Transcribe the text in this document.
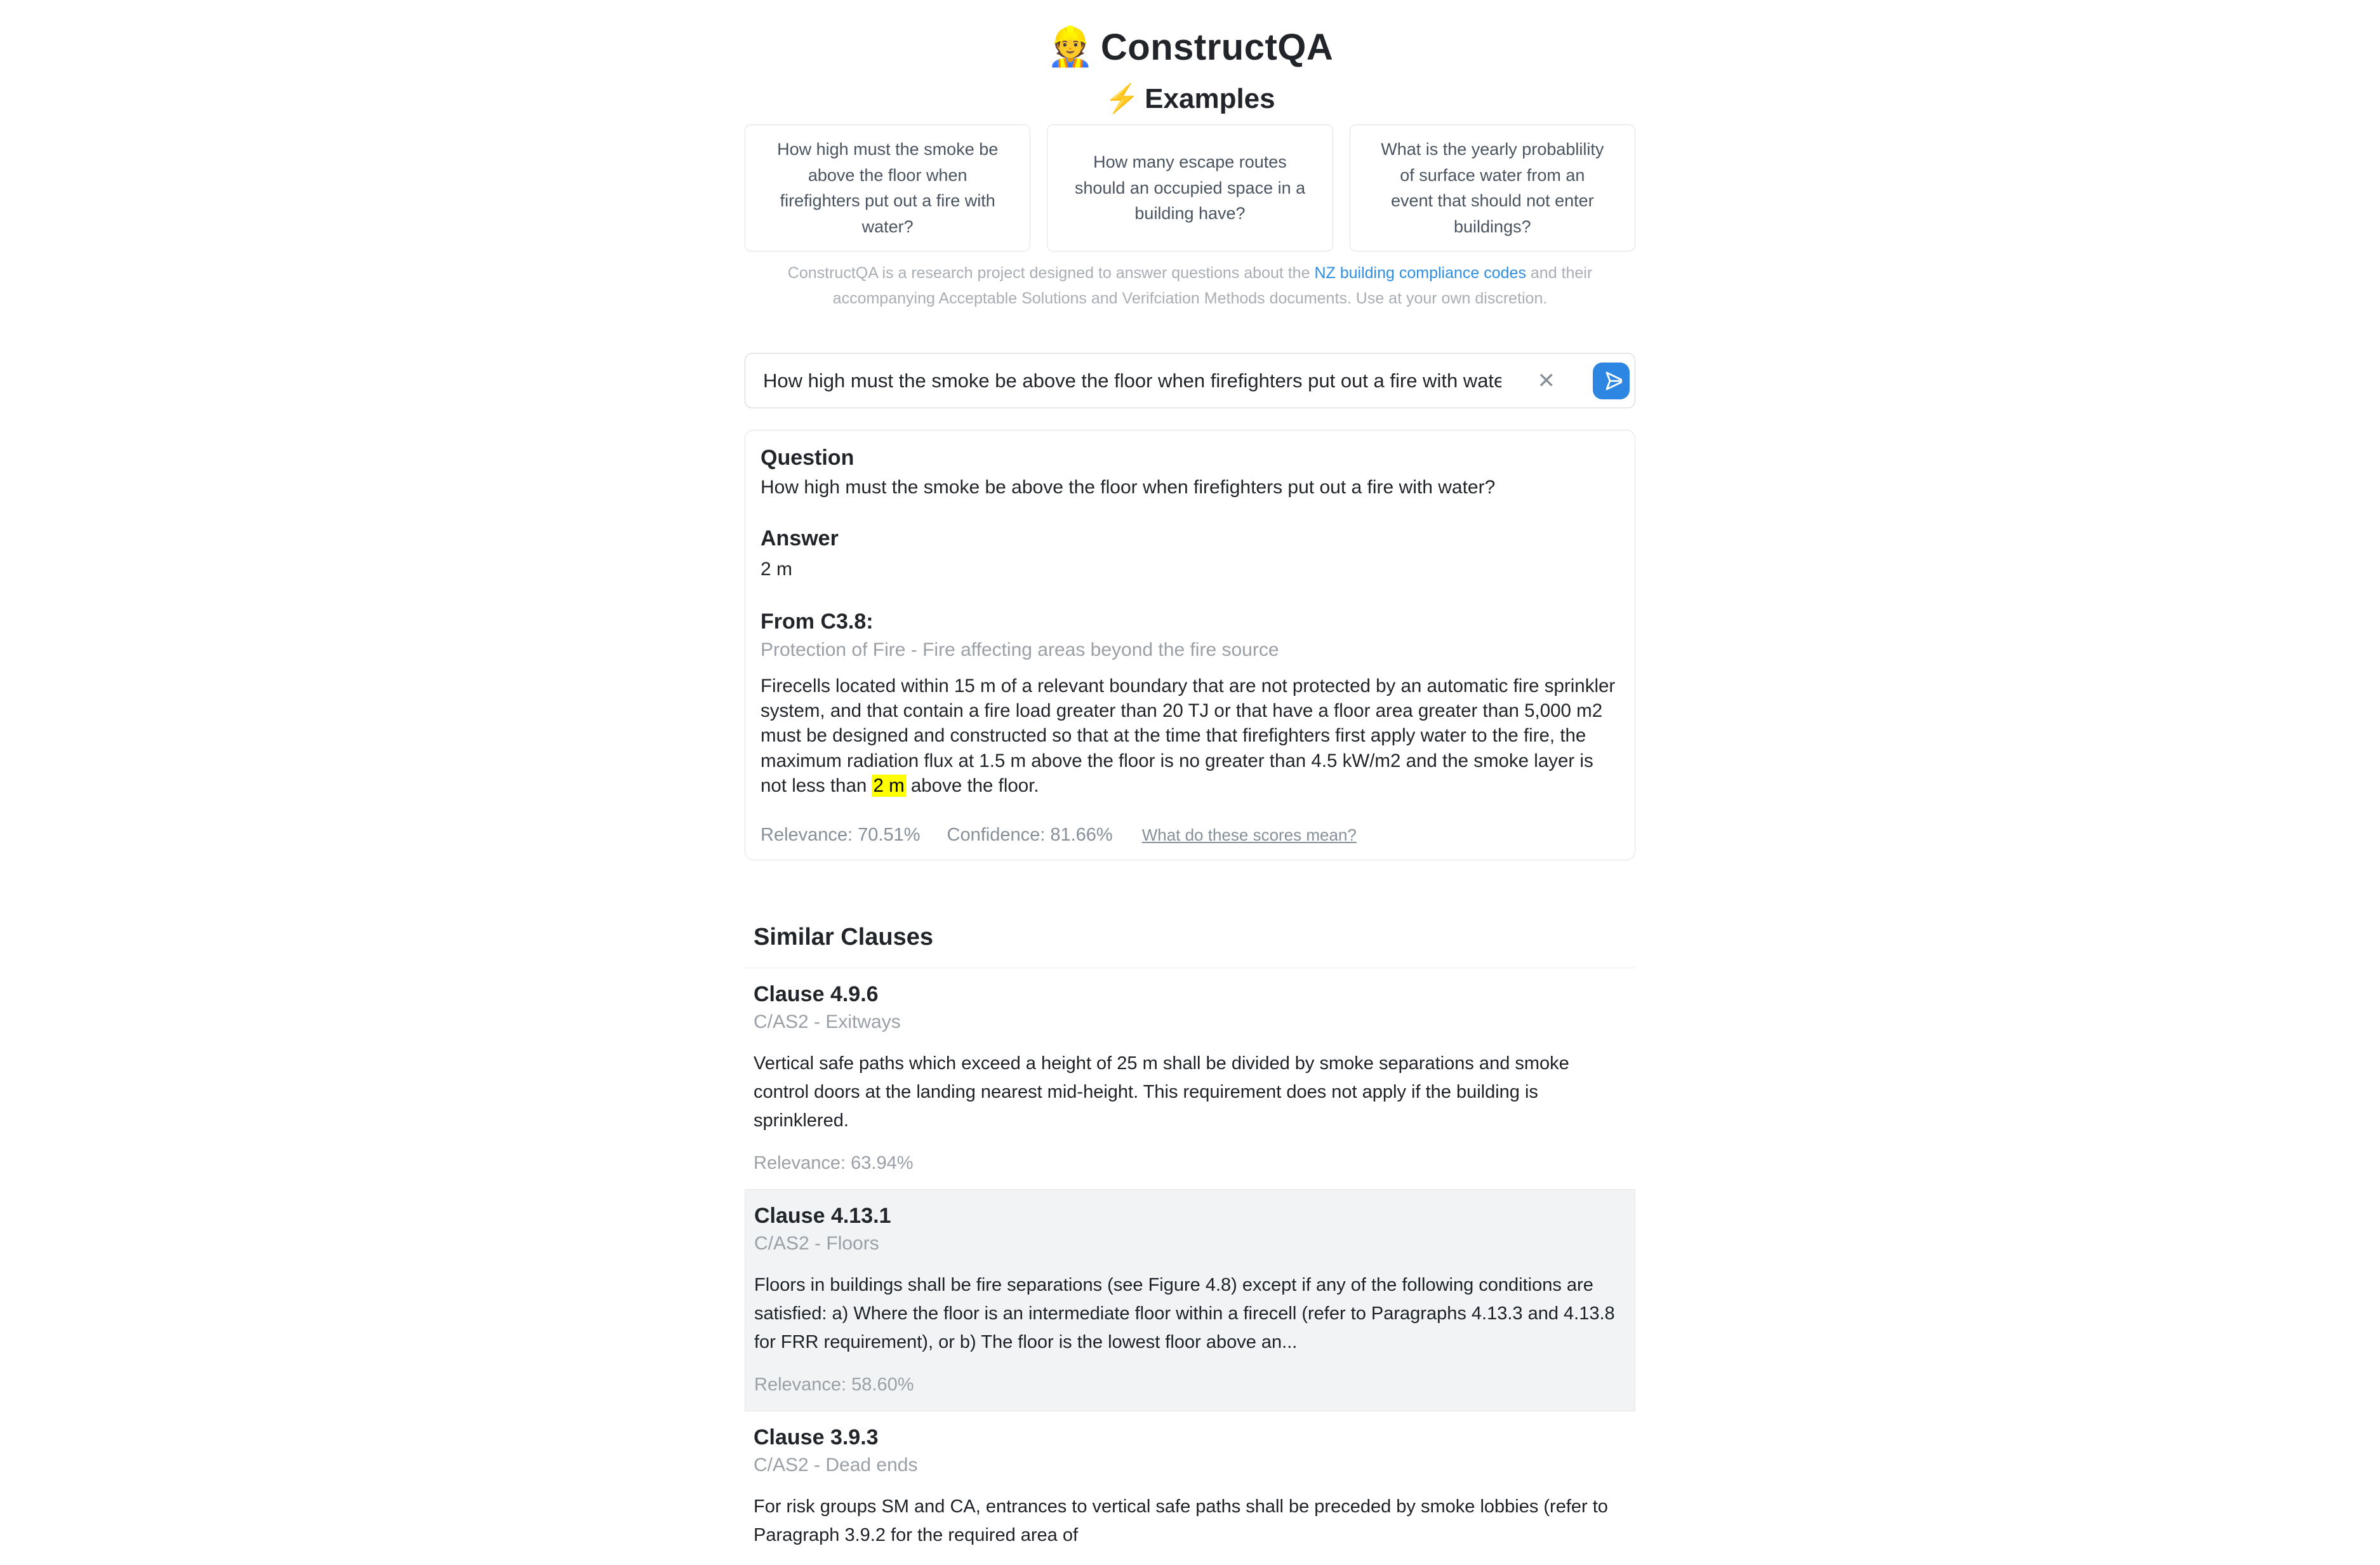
👷 ConstructQA
⚡ Examples
How high must the smoke be above the floor when firefighters put out a fire with water?
How many escape routes should an occupied space in a building have?
What is the yearly probablility of surface water from an event that should not enter buildings?

ConstructQA is a research project designed to answer questions about the NZ building compliance codes and their accompanying Acceptable Solutions and Verifciation Methods documents. Use at your own discretion.

How high must the smoke be above the floor when firefighters put out a fire with water?
✕
Question
How high must the smoke be above the floor when firefighters put out a fire with water?
Answer
2 m
From C3.8:
Protection of Fire - Fire affecting areas beyond the fire source
Firecells located within 15 m of a relevant boundary that are not protected by an automatic fire sprinkler system, and that contain a fire load greater than 20 TJ or that have a floor area greater than 5,000 m2 must be designed and constructed so that at the time that firefighters first apply water to the fire, the maximum radiation flux at 1.5 m above the floor is no greater than 4.5 kW/m2 and the smoke layer is not less than 2 m above the floor.
Relevance: 70.51% Confidence: 81.66% What do these scores mean?
Similar Clauses
Clause 4.9.6
C/AS2 - Exitways
Vertical safe paths which exceed a height of 25 m shall be divided by smoke separations and smoke control doors at the landing nearest mid-height. This requirement does not apply if the building is sprinklered.
Relevance: 63.94%
Clause 4.13.1
C/AS2 - Floors
Floors in buildings shall be fire separations (see Figure 4.8) except if any of the following conditions are satisfied: a) Where the floor is an intermediate floor within a firecell (refer to Paragraphs 4.13.3 and 4.13.8 for FRR requirement), or b) The floor is the lowest floor above an...
Relevance: 58.60%
Clause 3.9.3
C/AS2 - Dead ends
For risk groups SM and CA, entrances to vertical safe paths shall be preceded by smoke lobbies (refer to Paragraph 3.9.2 for the required area of
